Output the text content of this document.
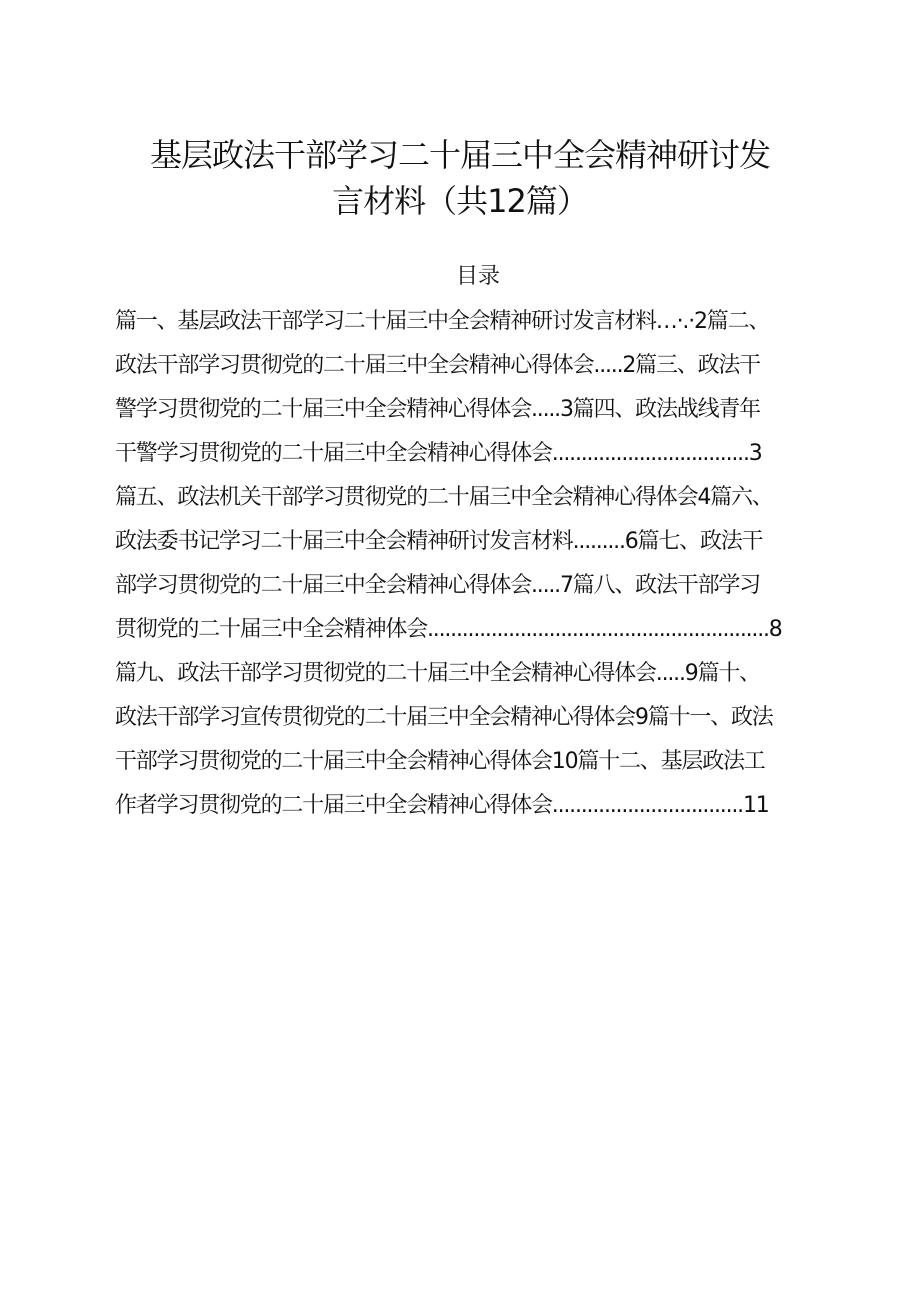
基层政法干部学习二十届三中全会精神研讨发
言材料（共12篇）
目录
篇一、基层政法干部学习二十届三中全会精神研讨发言材料…·.·2篇二、
政法干部学习贯彻党的二十届三中全会精神心得体会.....2篇三、政法干
警学习贯彻党的二十届三中全会精神心得体会.....3篇四、政法战线青年
干警学习贯彻党的二十届三中全会精神心得体会..................................3
篇五、政法机关干部学习贯彻党的二十届三中全会精神心得体会4篇六、
政法委书记学习二十届三中全会精神研讨发言材料.........6篇七、政法干
部学习贯彻党的二十届三中全会精神心得体会.....7篇八、政法干部学习
贯彻党的二十届三中全会精神体会...........................................................8
篇九、政法干部学习贯彻党的二十届三中全会精神心得体会.....9篇十、
政法干部学习宣传贯彻党的二十届三中全会精神心得体会9篇十一、政法
干部学习贯彻党的二十届三中全会精神心得体会10篇十二、基层政法工
作者学习贯彻党的二十届三中全会精神心得体会.................................11
